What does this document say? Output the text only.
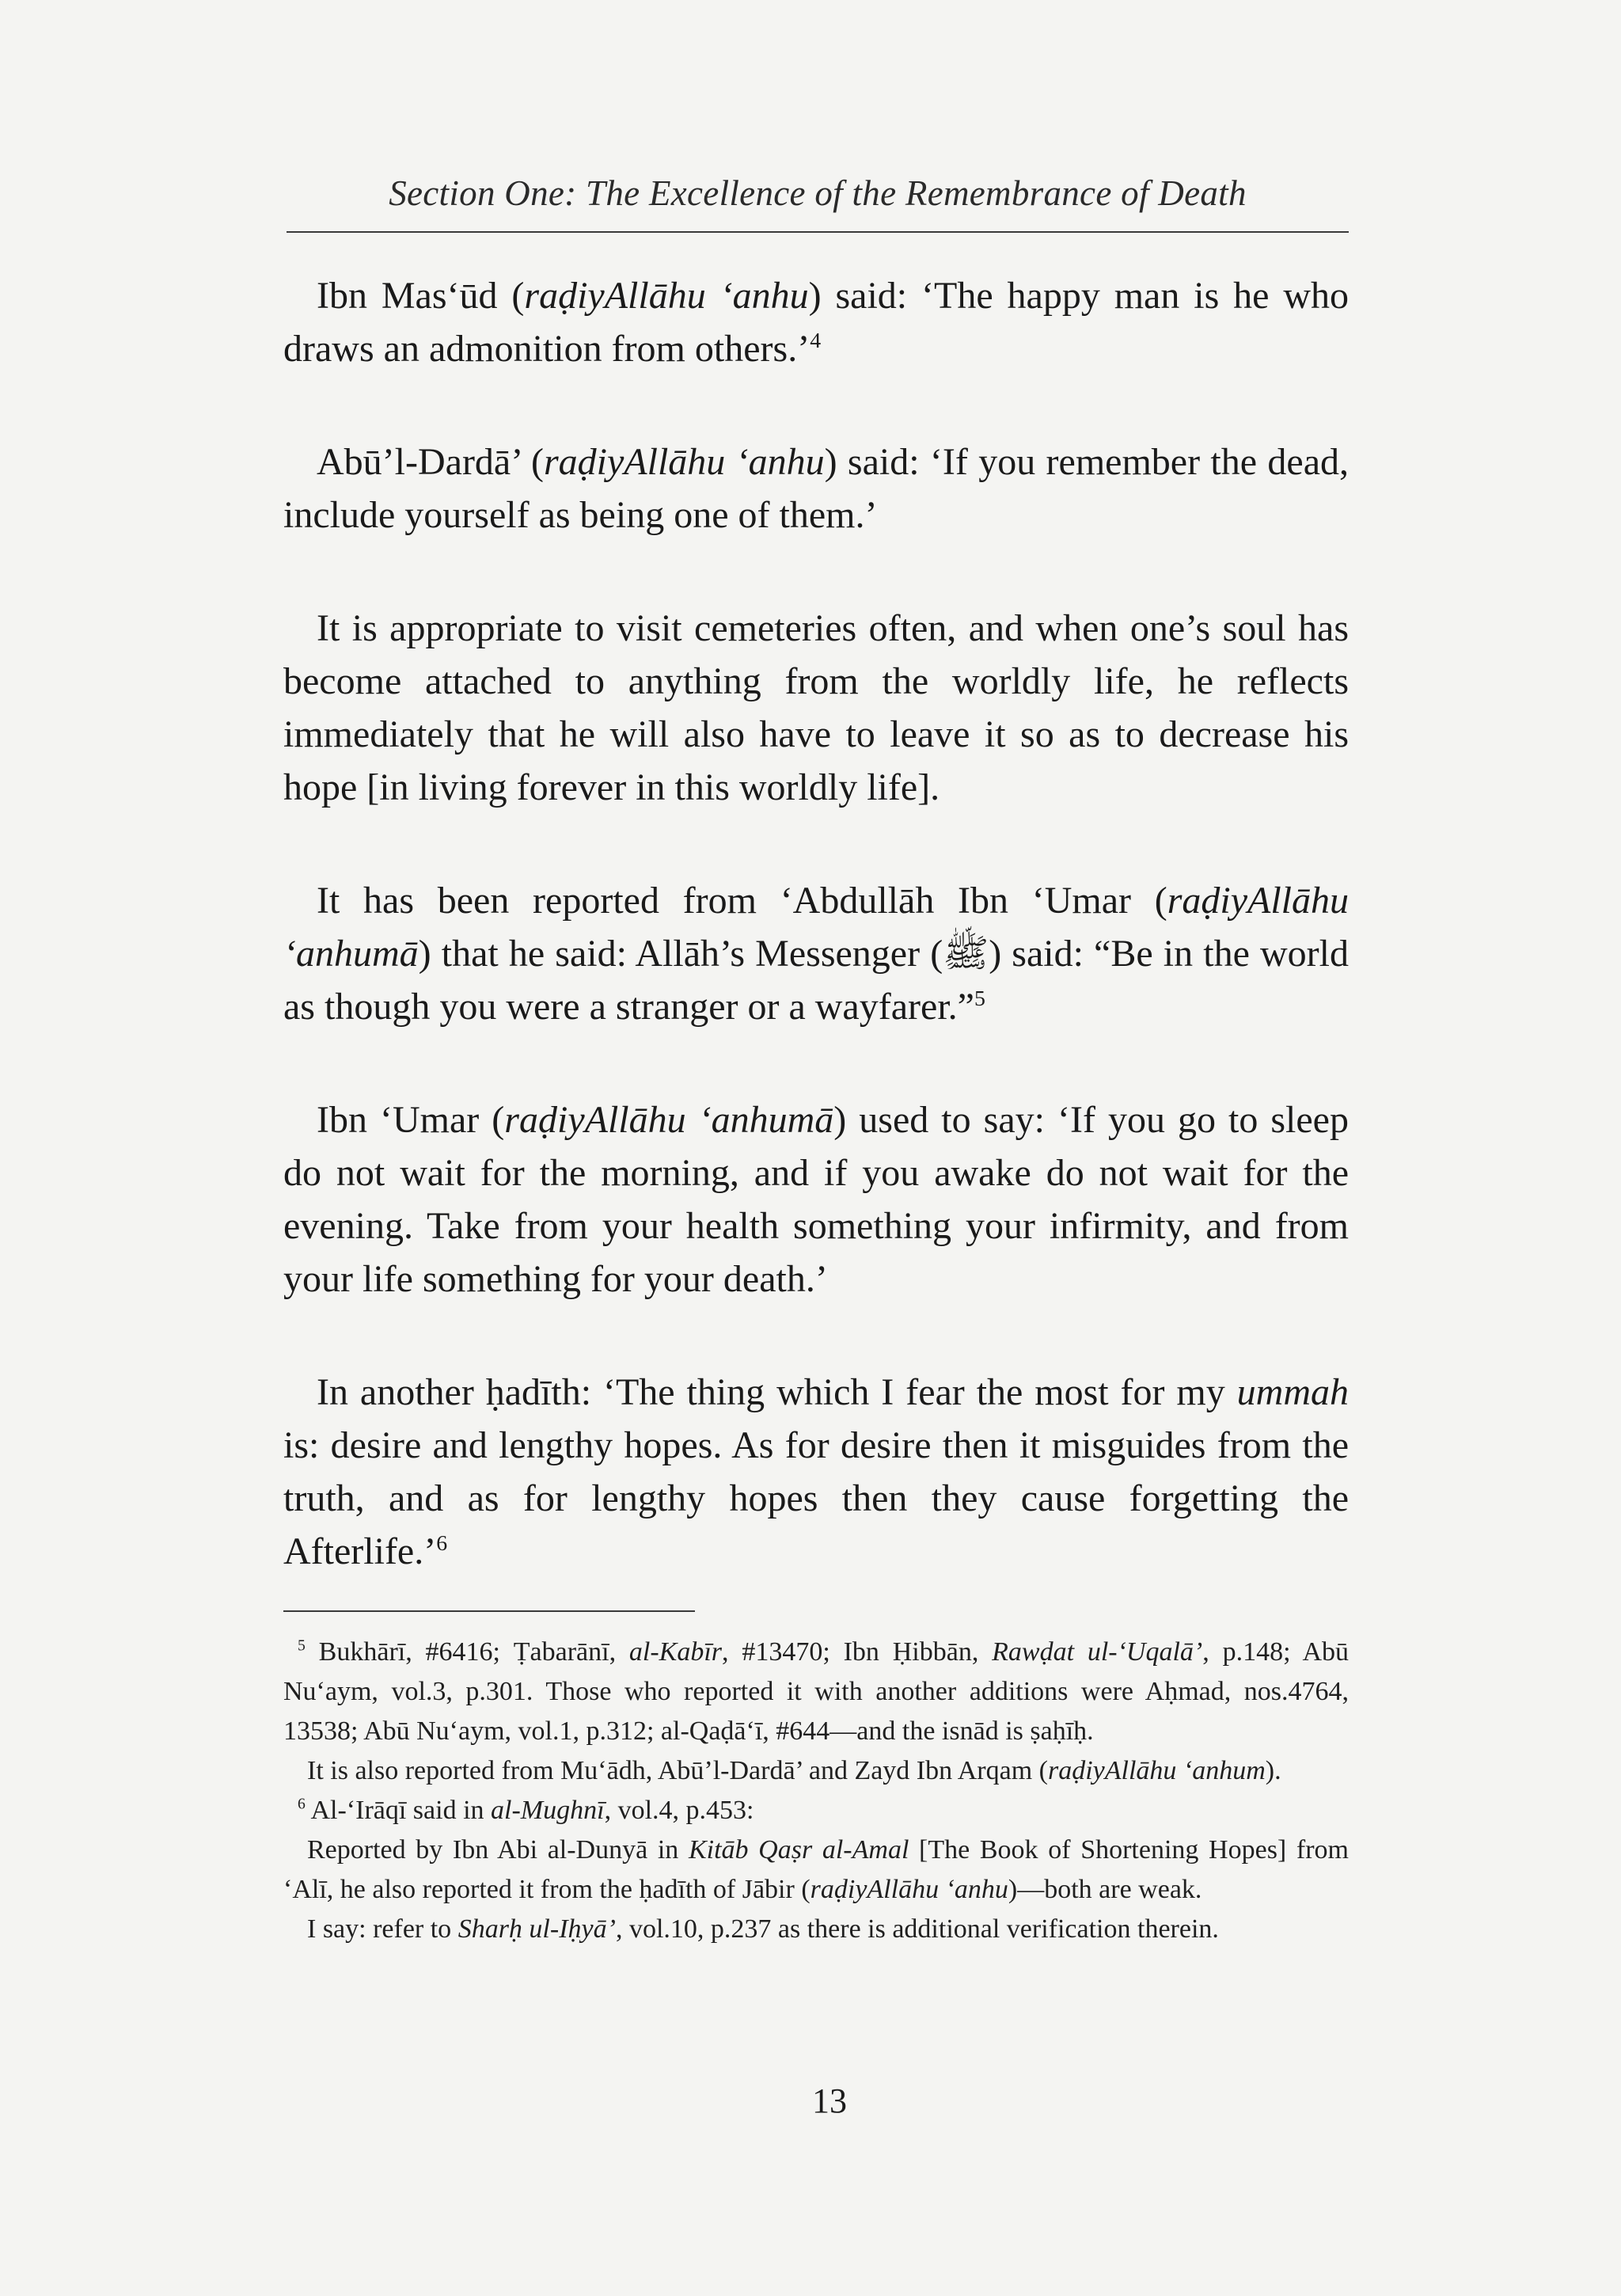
Section One: The Excellence of the Remembrance of Death

Ibn Mas‘ūd (raḍiyAllāhu ‘anhu) said: ‘The happy man is he who draws an admonition from others.’$^4$

Abū’l-Dardā’ (raḍiyAllāhu ‘anhu) said: ‘If you remember the dead, include yourself as being one of them.’

It is appropriate to visit cemeteries often, and when one’s soul has become attached to anything from the worldly life, he reflects immediately that he will also have to leave it so as to decrease his hope [in living forever in this worldly life].

It has been reported from ‘Abdullāh Ibn ‘Umar (raḍiyAllāhu ‘anhumā) that he said: Allāh’s Messenger (ﷺ) said: “Be in the world as though you were a stranger or a wayfarer.”$^5$

Ibn ‘Umar (raḍiyAllāhu ‘anhumā) used to say: ‘If you go to sleep do not wait for the morning, and if you awake do not wait for the evening. Take from your health something your infirmity, and from your life something for your death.’

In another ḥadīth: ‘The thing which I fear the most for my ummah is: desire and lengthy hopes. As for desire then it misguides from the truth, and as for lengthy hopes then they cause forgetting the Afterlife.’$^6$

$^5$ Bukhārī, #6416; Ṭabarānī, al-Kabīr, #13470; Ibn Ḥibbān, Rawḍat ul-‘Uqalā’, p.148; Abū Nu‘aym, vol.3, p.301. Those who reported it with another additions were Aḥmad, nos.4764, 13538; Abū Nu‘aym, vol.1, p.312; al-Qaḍā‘ī, #644—and the isnād is ṣaḥīḥ.

It is also reported from Mu‘ādh, Abū’l-Dardā’ and Zayd Ibn Arqam (raḍiyAllāhu ‘anhum).

$^6$ Al-‘Irāqī said in al-Mughnī, vol.4, p.453:

Reported by Ibn Abi al-Dunyā in Kitāb Qaṣr al-Amal [The Book of Shortening Hopes] from ‘Alī, he also reported it from the ḥadīth of Jābir (raḍiyAllāhu ‘anhu)—both are weak.

I say: refer to Sharḥ ul-Iḥyā’, vol.10, p.237 as there is additional verification therein.

13
